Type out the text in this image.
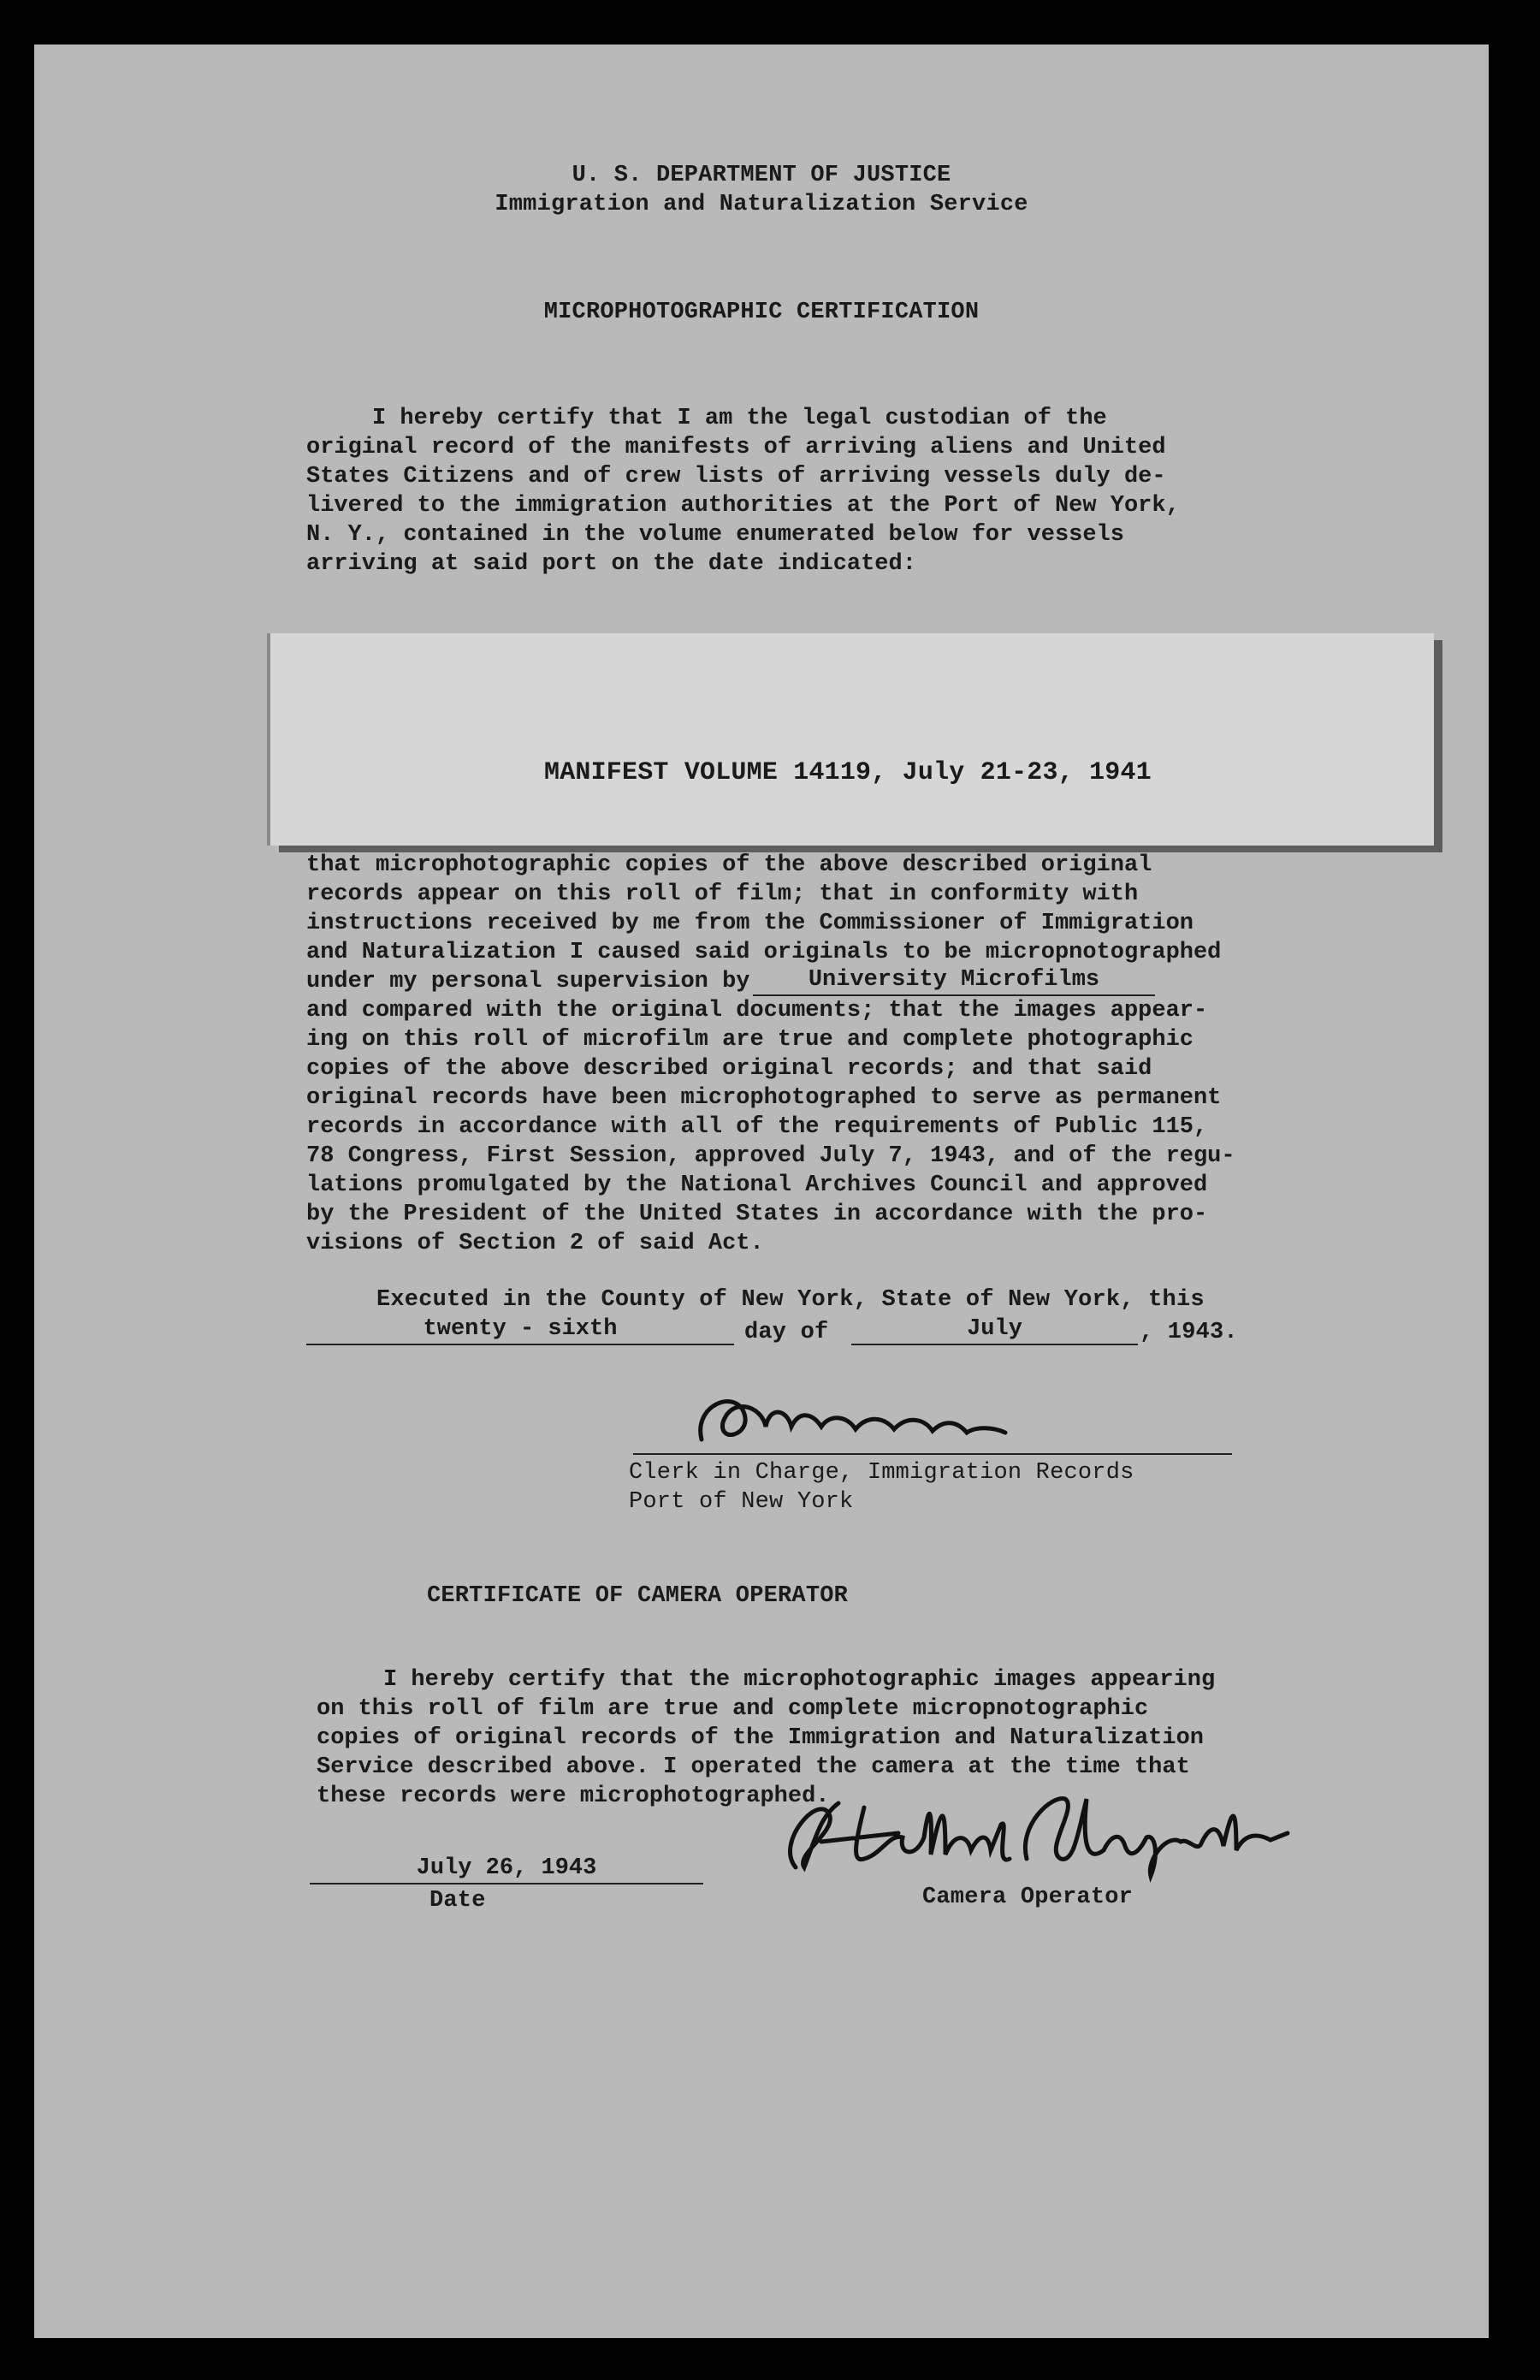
U. S. DEPARTMENT OF JUSTICE
Immigration and Naturalization Service
MICROPHOTOGRAPHIC CERTIFICATION
I hereby certify that I am the legal custodian of the
original record of the manifests of arriving aliens and United
States Citizens and of crew lists of arriving vessels duly de-
livered to the immigration authorities at the Port of New York,
N. Y., contained in the volume enumerated below for vessels
arriving at said port on the date indicated:
MANIFEST VOLUME 14119, July 21-23, 1941
that microphotographic copies of the above described original
records appear on this roll of film; that in conformity with
instructions received by me from the Commissioner of Immigration
and Naturalization I caused said originals to be micropnotographed
under my personal supervision by
and compared with the original documents; that the images appear-
ing on this roll of microfilm are true and complete photographic
copies of the above described original records; and that said
original records have been microphotographed to serve as permanent
records in accordance with all of the requirements of Public 115,
78 Congress, First Session, approved July 7, 1943, and of the regu-
lations promulgated by the National Archives Council and approved
by the President of the United States in accordance with the pro-
visions of Section 2 of said Act.
University Microfilms
Executed in the County of New York, State of New York, this
twenty - sixth	day of	July	, 1943.
Clerk in Charge, Immigration Records
Port of New York
CERTIFICATE OF CAMERA OPERATOR
I hereby certify that the microphotographic images appearing
on this roll of film are true and complete micropnotographic
copies of original records of the Immigration and Naturalization
Service described above. I operated the camera at the time that
these records were microphotographed.
July 26, 1943
Date	Camera Operator
